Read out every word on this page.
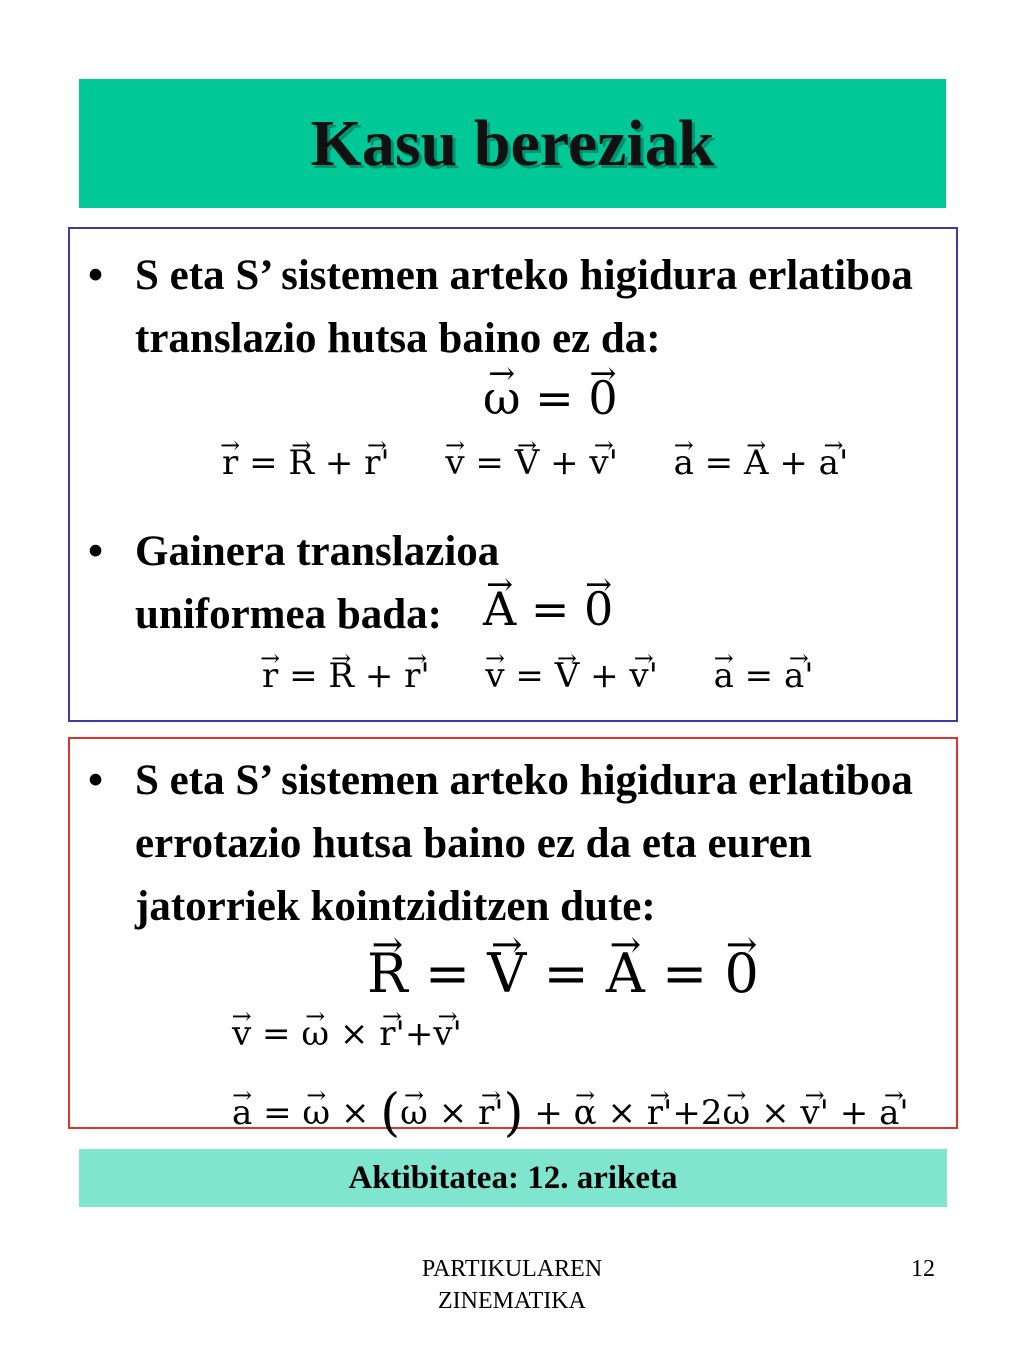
Kasu bereziak
• S eta S’ sistemen arteko higidura erlatiboa translazio hutsa baino ez da:
→ ω = → 0
→ r = → R + → r' → v = → V + → v' → a = → A + → a'
• Gainera translazioa uniformea bada: → A = → 0
→ r = → R + → r' → v = → V + → v' → a = → a'
• S eta S’ sistemen arteko higidura erlatiboa errotazio hutsa baino ez da eta euren jatorriek kointziditzen dute:
→ R = → V = → A = → 0
→ v = → ω × → r'+→ v'
→ a = → ω × (→ ω × → r') + → α × → r'+2→ ω × → v' + → a'
Aktibitatea: 12. ariketa
PARTIKULAREN
ZINEMATIKA
12
